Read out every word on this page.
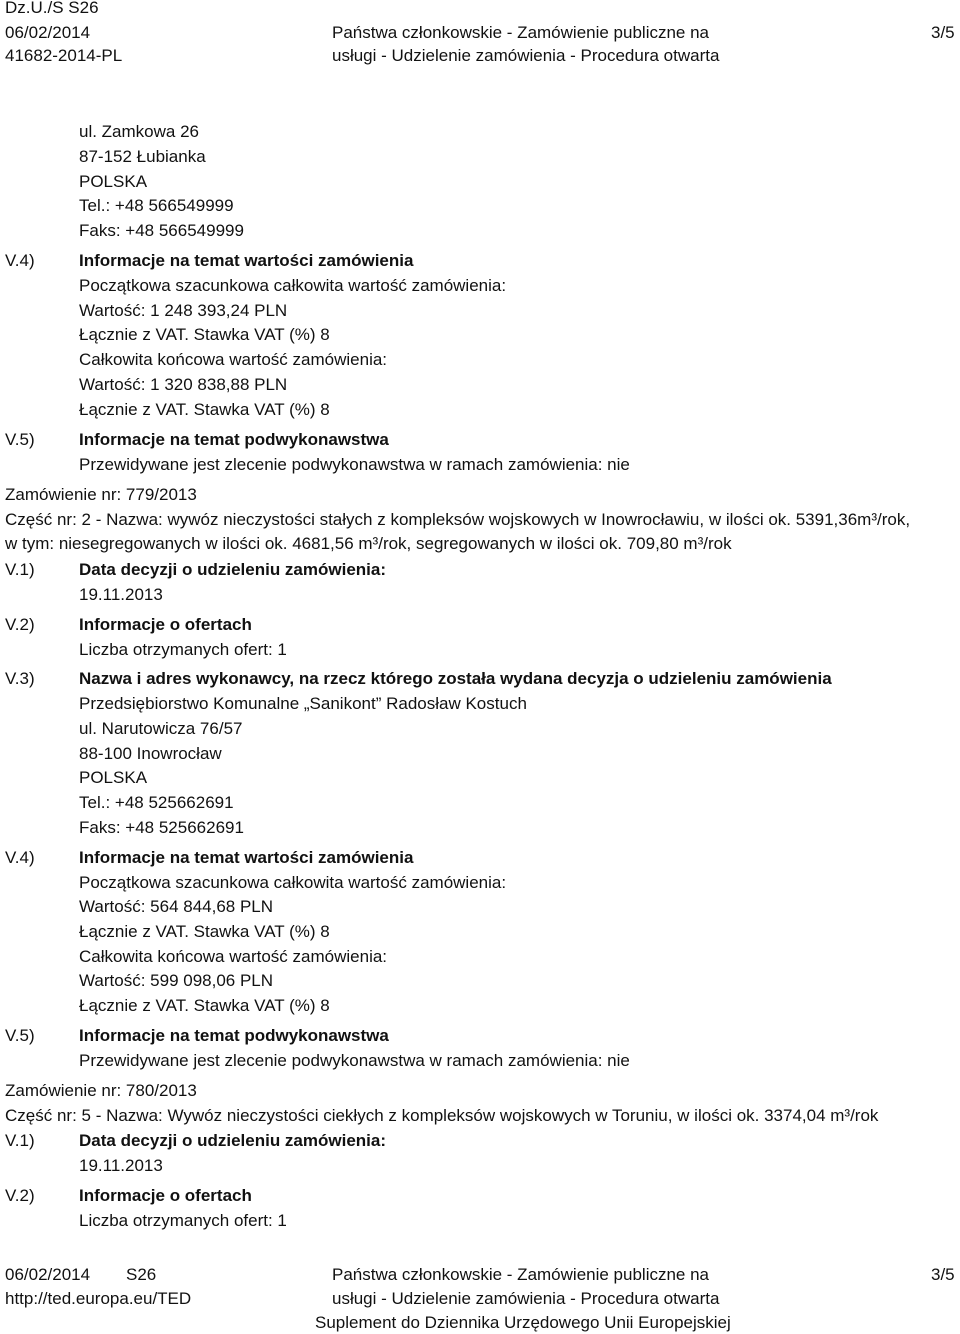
Dz.U./S S26
06/02/2014
41682-2014-PL
Państwa członkowskie - Zamówienie publiczne na
usługi - Udzielenie zamówienia - Procedura otwarta
3/5
ul. Zamkowa 26
87-152 Łubianka
POLSKA
Tel.: +48 566549999
Faks: +48 566549999
V.4)	Informacje na temat wartości zamówienia
Początkowa szacunkowa całkowita wartość zamówienia:
Wartość: 1 248 393,24 PLN
Łącznie z VAT. Stawka VAT (%) 8
Całkowita końcowa wartość zamówienia:
Wartość: 1 320 838,88 PLN
Łącznie z VAT. Stawka VAT (%) 8
V.5)	Informacje na temat podwykonawstwa
Przewidywane jest zlecenie podwykonawstwa w ramach zamówienia: nie
Zamówienie nr: 779/2013
Część nr: 2 - Nazwa: wywóz nieczystości stałych z kompleksów wojskowych w Inowrocławiu, w ilości ok. 5391,36m³/rok,
w tym: niesegregowanych w ilości ok. 4681,56 m³/rok, segregowanych w ilości ok. 709,80 m³/rok
V.1)	Data decyzji o udzieleniu zamówienia:
19.11.2013
V.2)	Informacje o ofertach
Liczba otrzymanych ofert: 1
V.3)	Nazwa i adres wykonawcy, na rzecz którego została wydana decyzja o udzieleniu zamówienia
Przedsiębiorstwo Komunalne „Sanikont” Radosław Kostuch
ul. Narutowicza 76/57
88-100 Inowrocław
POLSKA
Tel.: +48 525662691
Faks: +48 525662691
V.4)	Informacje na temat wartości zamówienia
Początkowa szacunkowa całkowita wartość zamówienia:
Wartość: 564 844,68 PLN
Łącznie z VAT. Stawka VAT (%) 8
Całkowita końcowa wartość zamówienia:
Wartość: 599 098,06 PLN
Łącznie z VAT. Stawka VAT (%) 8
V.5)	Informacje na temat podwykonawstwa
Przewidywane jest zlecenie podwykonawstwa w ramach zamówienia: nie
Zamówienie nr: 780/2013
Część nr: 5 - Nazwa: Wywóz nieczystości ciekłych z kompleksów wojskowych w Toruniu, w ilości ok. 3374,04 m³/rok
V.1)	Data decyzji o udzieleniu zamówienia:
19.11.2013
V.2)	Informacje o ofertach
Liczba otrzymanych ofert: 1
06/02/2014 S26
http://ted.europa.eu/TED
Państwa członkowskie - Zamówienie publiczne na
usługi - Udzielenie zamówienia - Procedura otwarta
Suplement do Dziennika Urzędowego Unii Europejskiej
3/5
